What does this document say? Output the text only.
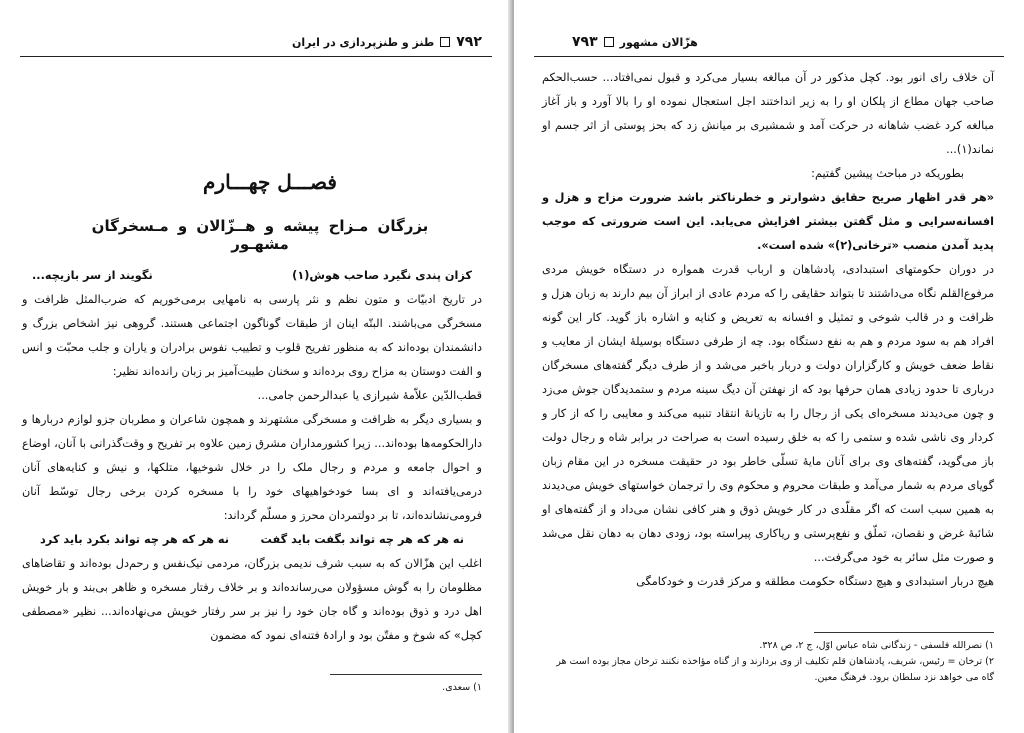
۷۹۲
طنز و طنزپردازی در ایران
فصـــل چهـــارم
بزرگان مـزاح پیشه و هــزّالان و مـسخرگان مشهـور
کزان پندی نگیرد صاحب هوش(۱)
نگویند از سر بازیچه...

در تاریخ ادبیّات و متون نظم و نثر پارسی به نامهایی برمی‌خوریم که ضرب‌المثل ظرافت و مسخرگی می‌باشند. البتّه اینان از طبقات گوناگون اجتماعی هستند. گروهی نیز اشخاص بزرگ و دانشمندان بوده‌اند که به منظور تفریح قلوب و تطییب نفوس برادران و یاران و جلب محبّت و انس و الفت دوستان به مزاح روی برده‌اند و سخنان طیبت‌آمیز بر زبان رانده‌اند نظیر:

قطب‌الدّین علاّمهٔ شیرازی یا عبدالرحمن جامی...

و بسیاری دیگر به ظرافت و مسخرگی مشتهرند و همچون شاعران و مطربان جزو لوازم دربارها و دارالحکومه‌ها بوده‌اند... زیرا کشورمداران مشرق زمین علاوه بر تفریح و وقت‌گذرانی با آنان، اوضاع و احوال جامعه و مردم و رجال ملک را در خلال شوخیها، متلکها، و نیش و کنایه‌های آنان درمی‌یافته‌اند و ای بسا خودخواهیهای خود را با مسخره کردن برخی رجال توسّط آنان فرومی‌نشانده‌اند، تا بر دولتمردان محرز و مسلّم گرداند:

نه هر که هر چه تواند بگفت باید گفت
نه هر که هر چه تواند بکرد باید کرد

اغلب این هزّالان که به سبب شرف ندیمی بزرگان، مردمی نیک‌نفس و رحم‌دل بوده‌اند و تقاضاهای مظلومان را به گوش مسؤولان می‌رسانده‌اند و بر خلاف رفتار مسخره و ظاهر بی‌بند و بار خویش اهل درد و ذوق بوده‌اند و گاه جان خود را نیز بر سر رفتار خویش می‌نهاده‌اند... نظیر «مصطفی کچل» که شوخ و مفتّن بود و ارادهٔ فتنه‌ای نمود که مضمون

۱) سعدی.

هزّالان مشهور
۷۹۳

آن خلاف رای انور بود. کچل مذکور در آن مبالغه بسیار می‌کرد و قبول نمی‌افتاد... حسب‌الحکم صاحب جهان مطاع از پلکان او را به زیر انداختند اجل استعجال نموده او را بالا آورد و باز آغاز مبالغه کرد غضب شاهانه در حرکت آمد و شمشیری بر میانش زد که بحز پوستی از اثر جسم او نماند(۱)...

بطوریکه در مباحث پیشین گفتیم:

«هر قدر اظهار صریح حقایق دشوارتر و خطرناکتر باشد ضرورت مزاح و هزل و افسانه‌سرایی و مثل گفتن بیشتر افزایش می‌یابد. این است ضرورتی که موجب پدید آمدن منصب «ترخانی(۲)» شده است».

در دوران حکومتهای استبدادی، پادشاهان و ارباب قدرت همواره در دستگاه خویش مردی مرفوع‌القلم نگاه می‌داشتند تا بتواند حقایقی را که مردم عادی از ابراز آن بیم دارند به زبان هزل و ظرافت و در قالب شوخی و تمثیل و افسانه به تعریض و کنایه و اشاره باز گوید. کار این گونه افراد هم به سود مردم و هم به نفع دستگاه بود. چه از طرفی دستگاه بوسیلهٔ ایشان از معایب و نقاط ضعف خویش و کارگزاران دولت و دربار باخبر می‌شد و از طرف دیگر گفته‌های مسخرگان درباری تا حدود زیادی همان حرفها بود که از نهفتن آن دیگ سینه مردم و ستمدیدگان جوش می‌زد و چون می‌دیدند مسخره‌ای یکی از رجال را به تازیانهٔ انتقاد تنبیه می‌کند و معایبی را که از کار و کردار وی ناشی شده و ستمی را که به خلق رسیده است به صراحت در برابر شاه و رجال دولت باز می‌گوید، گفته‌های وی برای آنان مایهٔ تسلّی خاطر بود در حقیقت مسخره در این مقام زبان گویای مردم به شمار می‌آمد و طبقات محروم و محکوم وی را ترجمان خواستهای خویش می‌دیدند به همین سبب است که اگر مقلّدی در کار خویش ذوق و هنر کافی نشان می‌داد و از گفته‌های او شائبهٔ غرض و نقصان، تملّق و نفع‌پرستی و ریاکاری پیراسته بود، زودی دهان به دهان نقل می‌شد و صورت مثل سائر به خود می‌گرفت...

هیچ دربار استبدادی و هیچ دستگاه حکومت مطلقه و مرکز قدرت و خودکامگی

۱) نصرالله فلسفی - زندگانی شاه عباس اوّل، ج ۲، ص ۳۲۸.

۲) ترخان = رئیس، شریف، پادشاهان قلم تکلیف از وی بردارند و از گناه مؤاخذه نکنند ترخان مجاز بوده است هر گاه می خواهد نزد سلطان برود. فرهنگ معین.
